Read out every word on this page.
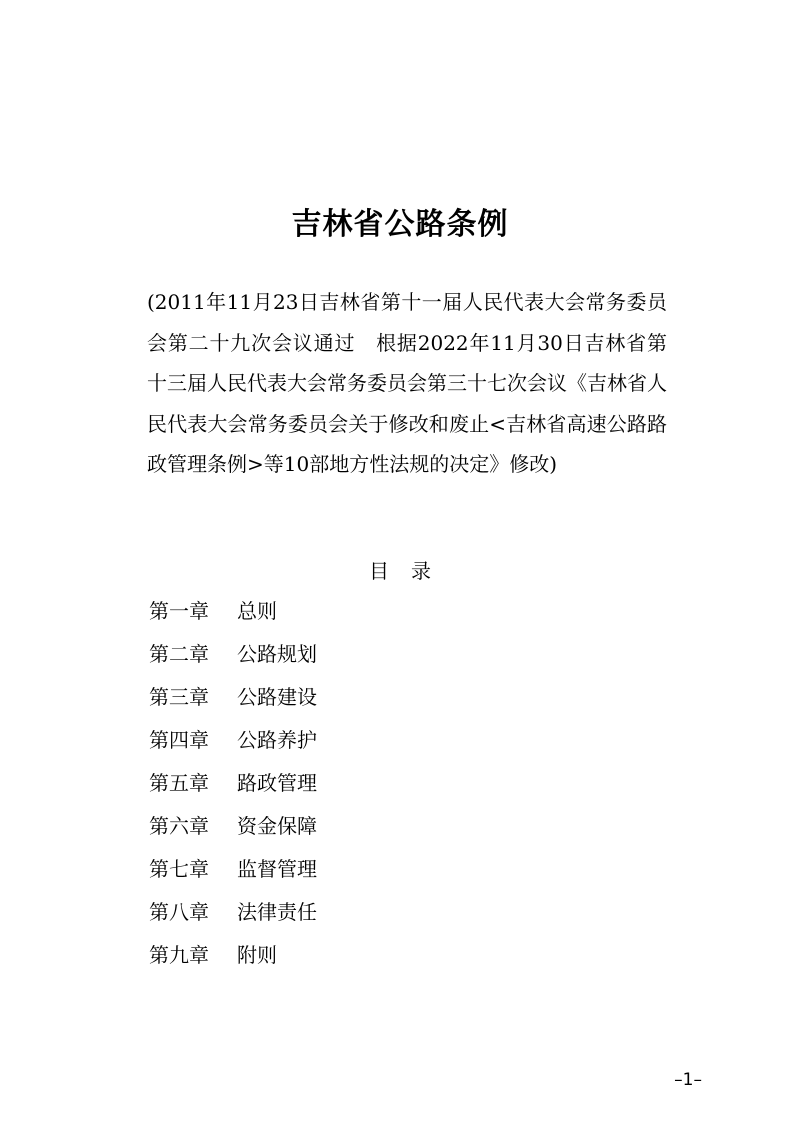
吉林省公路条例

(2011年11月23日吉林省第十一届人民代表大会常务委员会第二十九次会议通过　根据2022年11月30日吉林省第十三届人民代表大会常务委员会第三十七次会议《吉林省人民代表大会常务委员会关于修改和废止<吉林省高速公路路政管理条例>等10部地方性法规的决定》修改)

目 录
第一章 总则
第二章 公路规划
第三章 公路建设
第四章 公路养护
第五章 路政管理
第六章 资金保障
第七章 监督管理
第八章 法律责任
第九章 附则
–1–
